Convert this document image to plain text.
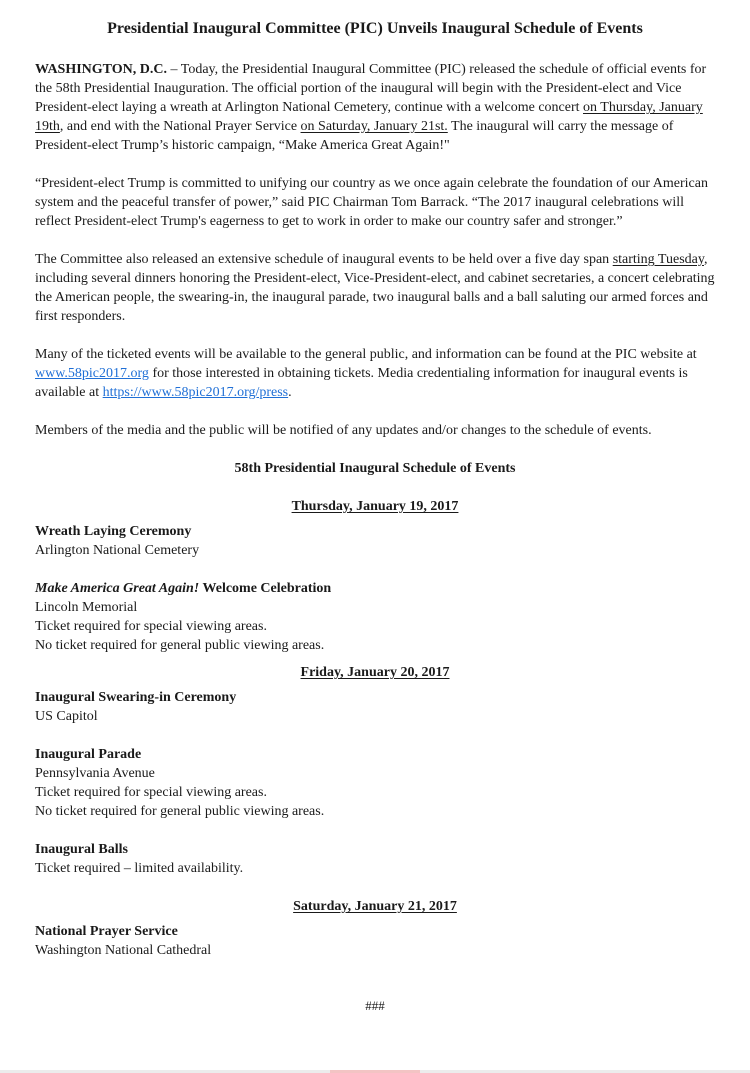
Presidential Inaugural Committee (PIC) Unveils Inaugural Schedule of Events

WASHINGTON, D.C. – Today, the Presidential Inaugural Committee (PIC) released the schedule of official events for the 58th Presidential Inauguration. The official portion of the inaugural will begin with the President-elect and Vice President-elect laying a wreath at Arlington National Cemetery, continue with a welcome concert on Thursday, January 19th, and end with the National Prayer Service on Saturday, January 21st. The inaugural will carry the message of President-elect Trump’s historic campaign, “Make America Great Again!"

“President-elect Trump is committed to unifying our country as we once again celebrate the foundation of our American system and the peaceful transfer of power,” said PIC Chairman Tom Barrack. “The 2017 inaugural celebrations will reflect President-elect Trump's eagerness to get to work in order to make our country safer and stronger.”

The Committee also released an extensive schedule of inaugural events to be held over a five day span starting Tuesday, including several dinners honoring the President-elect, Vice-President-elect, and cabinet secretaries, a concert celebrating the American people, the swearing-in, the inaugural parade, two inaugural balls and a ball saluting our armed forces and first responders.

Many of the ticketed events will be available to the general public, and information can be found at the PIC website at www.58pic2017.org for those interested in obtaining tickets. Media credentialing information for inaugural events is available at https://www.58pic2017.org/press.

Members of the media and the public will be notified of any updates and/or changes to the schedule of events.

58th Presidential Inaugural Schedule of Events
Thursday, January 19, 2017
Wreath Laying Ceremony
Arlington National Cemetery
Make America Great Again! Welcome Celebration
Lincoln Memorial
Ticket required for special viewing areas.
No ticket required for general public viewing areas.
Friday, January 20, 2017
Inaugural Swearing-in Ceremony
US Capitol
Inaugural Parade
Pennsylvania Avenue
Ticket required for special viewing areas.
No ticket required for general public viewing areas.
Inaugural Balls
Ticket required – limited availability.
Saturday, January 21, 2017
National Prayer Service
Washington National Cathedral
###
